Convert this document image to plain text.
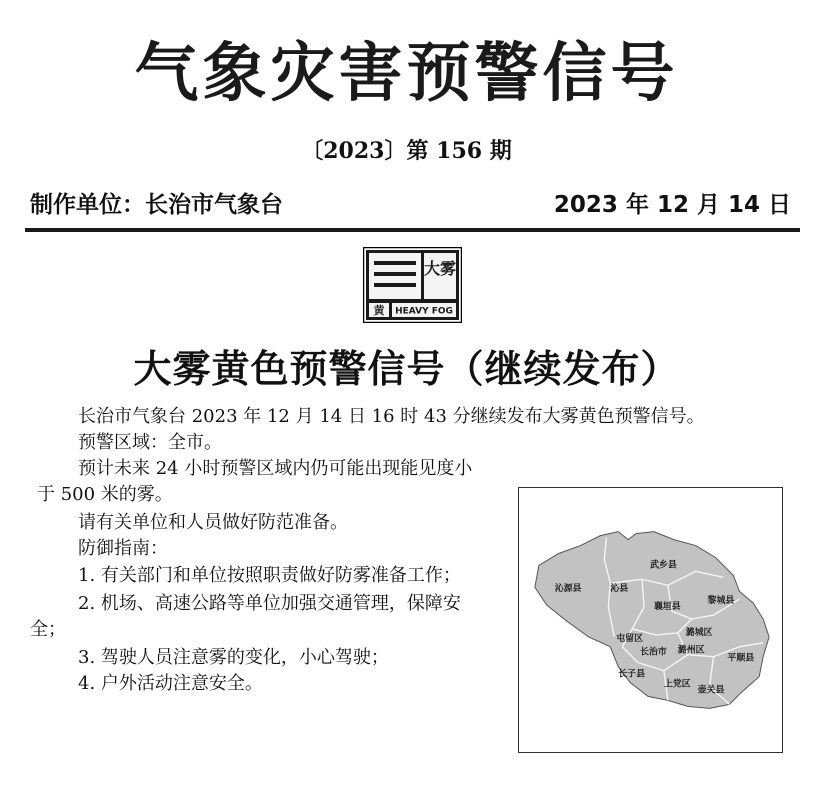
气象灾害预警信号
〔2023〕第 156 期
制作单位：长治市气象台	2023 年 12 月 14 日
大雾
黄 HEAVY FOG
大雾黄色预警信号（继续发布）
长治市气象台 2023 年 12 月 14 日 16 时 43 分继续发布大雾黄色预警信号。
预警区域：全市。
预计未来 24 小时预警区域内仍可能出现能见度小
于 500 米的雾。
请有关单位和人员做好防范准备。
防御指南：
1. 有关部门和单位按照职责做好防雾准备工作；
2. 机场、高速公路等单位加强交通管理，保障安
全；
3. 驾驶人员注意雾的变化，小心驾驶；
4. 户外活动注意安全。
武乡县
沁源县	沁县
襄垣县
黎城县
屯留区
潞城区
长治市 潞州区
平顺县
长子县
上党区
壶关县
